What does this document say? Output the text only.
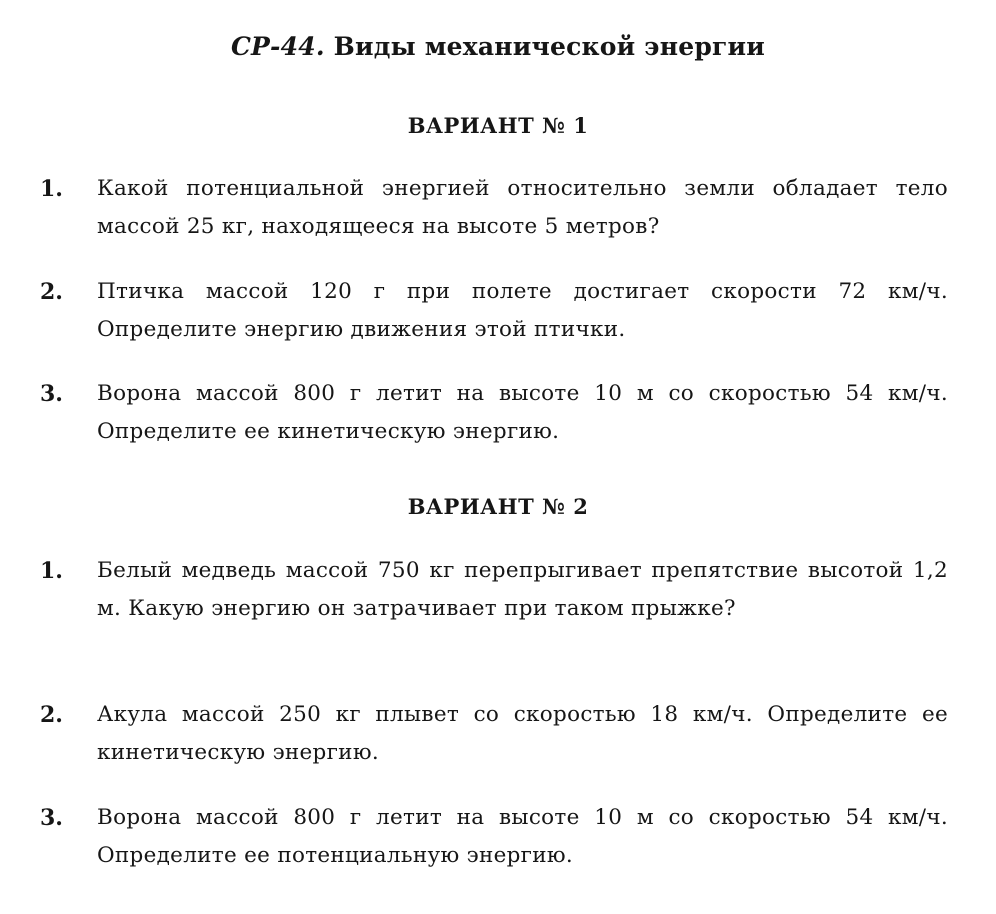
СР-44. Виды механической энергии
ВАРИАНТ № 1
1. Какой потенциальной энергией относительно земли обладает тело массой 25 кг, находящееся на высоте 5 метров?
2. Птичка массой 120 г при полете достигает скорости 72 км/ч. Определите энергию движения этой птички.
3. Ворона массой 800 г летит на высоте 10 м со скоростью 54 км/ч. Определите ее кинетическую энергию.
ВАРИАНТ № 2
1. Белый медведь массой 750 кг перепрыгивает препятствие высотой 1,2 м. Какую энергию он затрачивает при таком прыжке?
2. Акула массой 250 кг плывет со скоростью 18 км/ч. Определите ее кинетическую энергию.
3. Ворона массой 800 г летит на высоте 10 м со скоростью 54 км/ч. Определите ее потенциальную энергию.
